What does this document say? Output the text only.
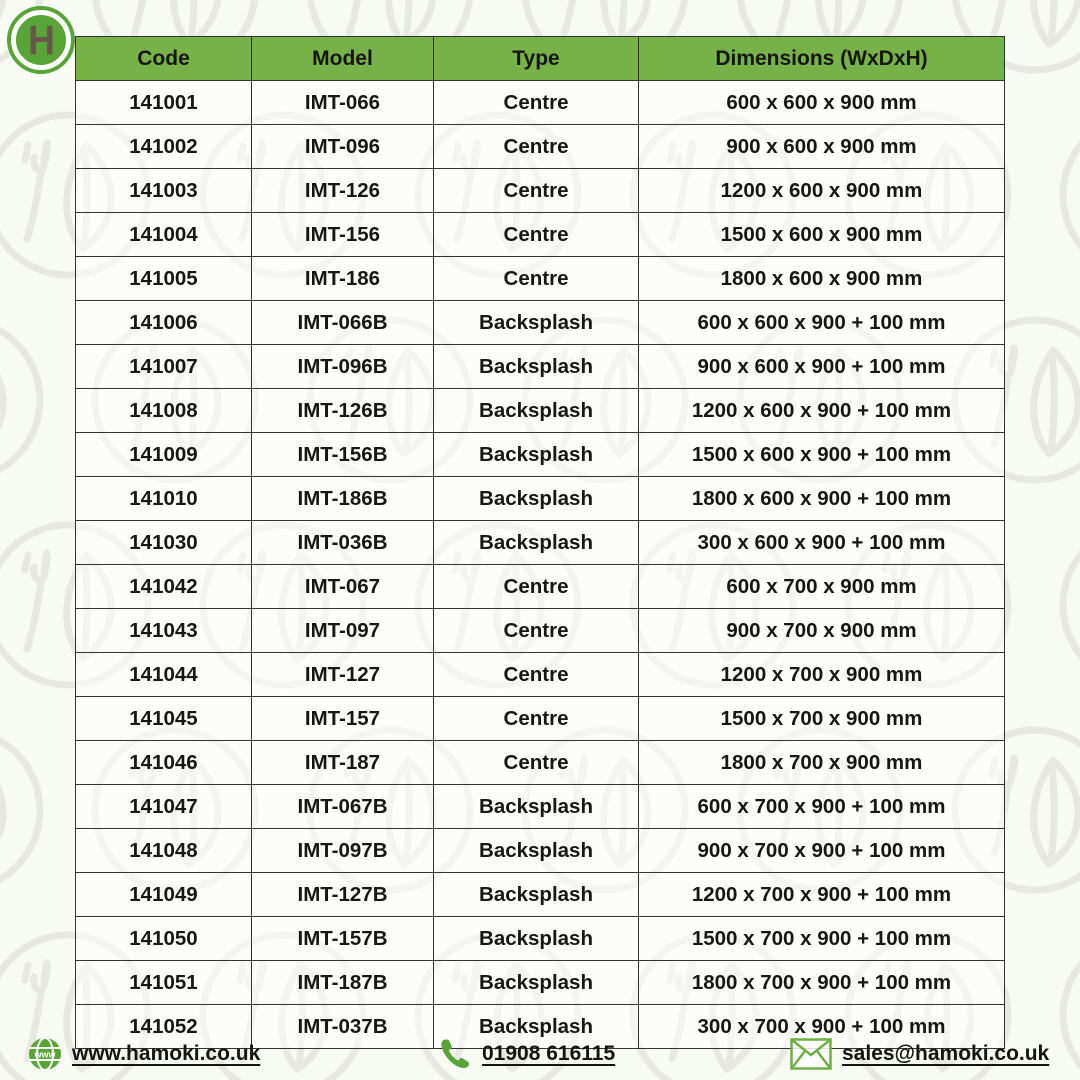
H	Code	Model	Type	Dimensions (WxDxH)
141001	IMT-066	Centre	600 x 600 x 900 mm
141002	IMT-096	Centre	900 x 600 x 900 mm
141003	IMT-126	Centre	1200 x 600 x 900 mm
141004	IMT-156	Centre	1500 x 600 x 900 mm
141005	IMT-186	Centre	1800 x 600 x 900 mm
141006	IMT-066B	Backsplash	600 x 600 x 900 + 100 mm
141007	IMT-096B	Backsplash	900 x 600 x 900 + 100 mm
141008	IMT-126B	Backsplash	1200 x 600 x 900 + 100 mm
141009	IMT-156B	Backsplash	1500 x 600 x 900 + 100 mm
141010	IMT-186B	Backsplash	1800 x 600 x 900 + 100 mm
141030	IMT-036B	Backsplash	300 x 600 x 900 + 100 mm
141042	IMT-067	Centre	600 x 700 x 900 mm
141043	IMT-097	Centre	900 x 700 x 900 mm
141044	IMT-127	Centre	1200 x 700 x 900 mm
141045	IMT-157	Centre	1500 x 700 x 900 mm
141046	IMT-187	Centre	1800 x 700 x 900 mm
141047	IMT-067B	Backsplash	600 x 700 x 900 + 100 mm
141048	IMT-097B	Backsplash	900 x 700 x 900 + 100 mm
141049	IMT-127B	Backsplash	1200 x 700 x 900 + 100 mm
141050	IMT-157B	Backsplash	1500 x 700 x 900 + 100 mm
141051	IMT-187B	Backsplash	1800 x 700 x 900 + 100 mm
141052	IMT-037B	Backsplash	300 x 700 x 900 + 100 mm
www www.hamoki.co.uk	01908 616115	sales@hamoki.co.uk
